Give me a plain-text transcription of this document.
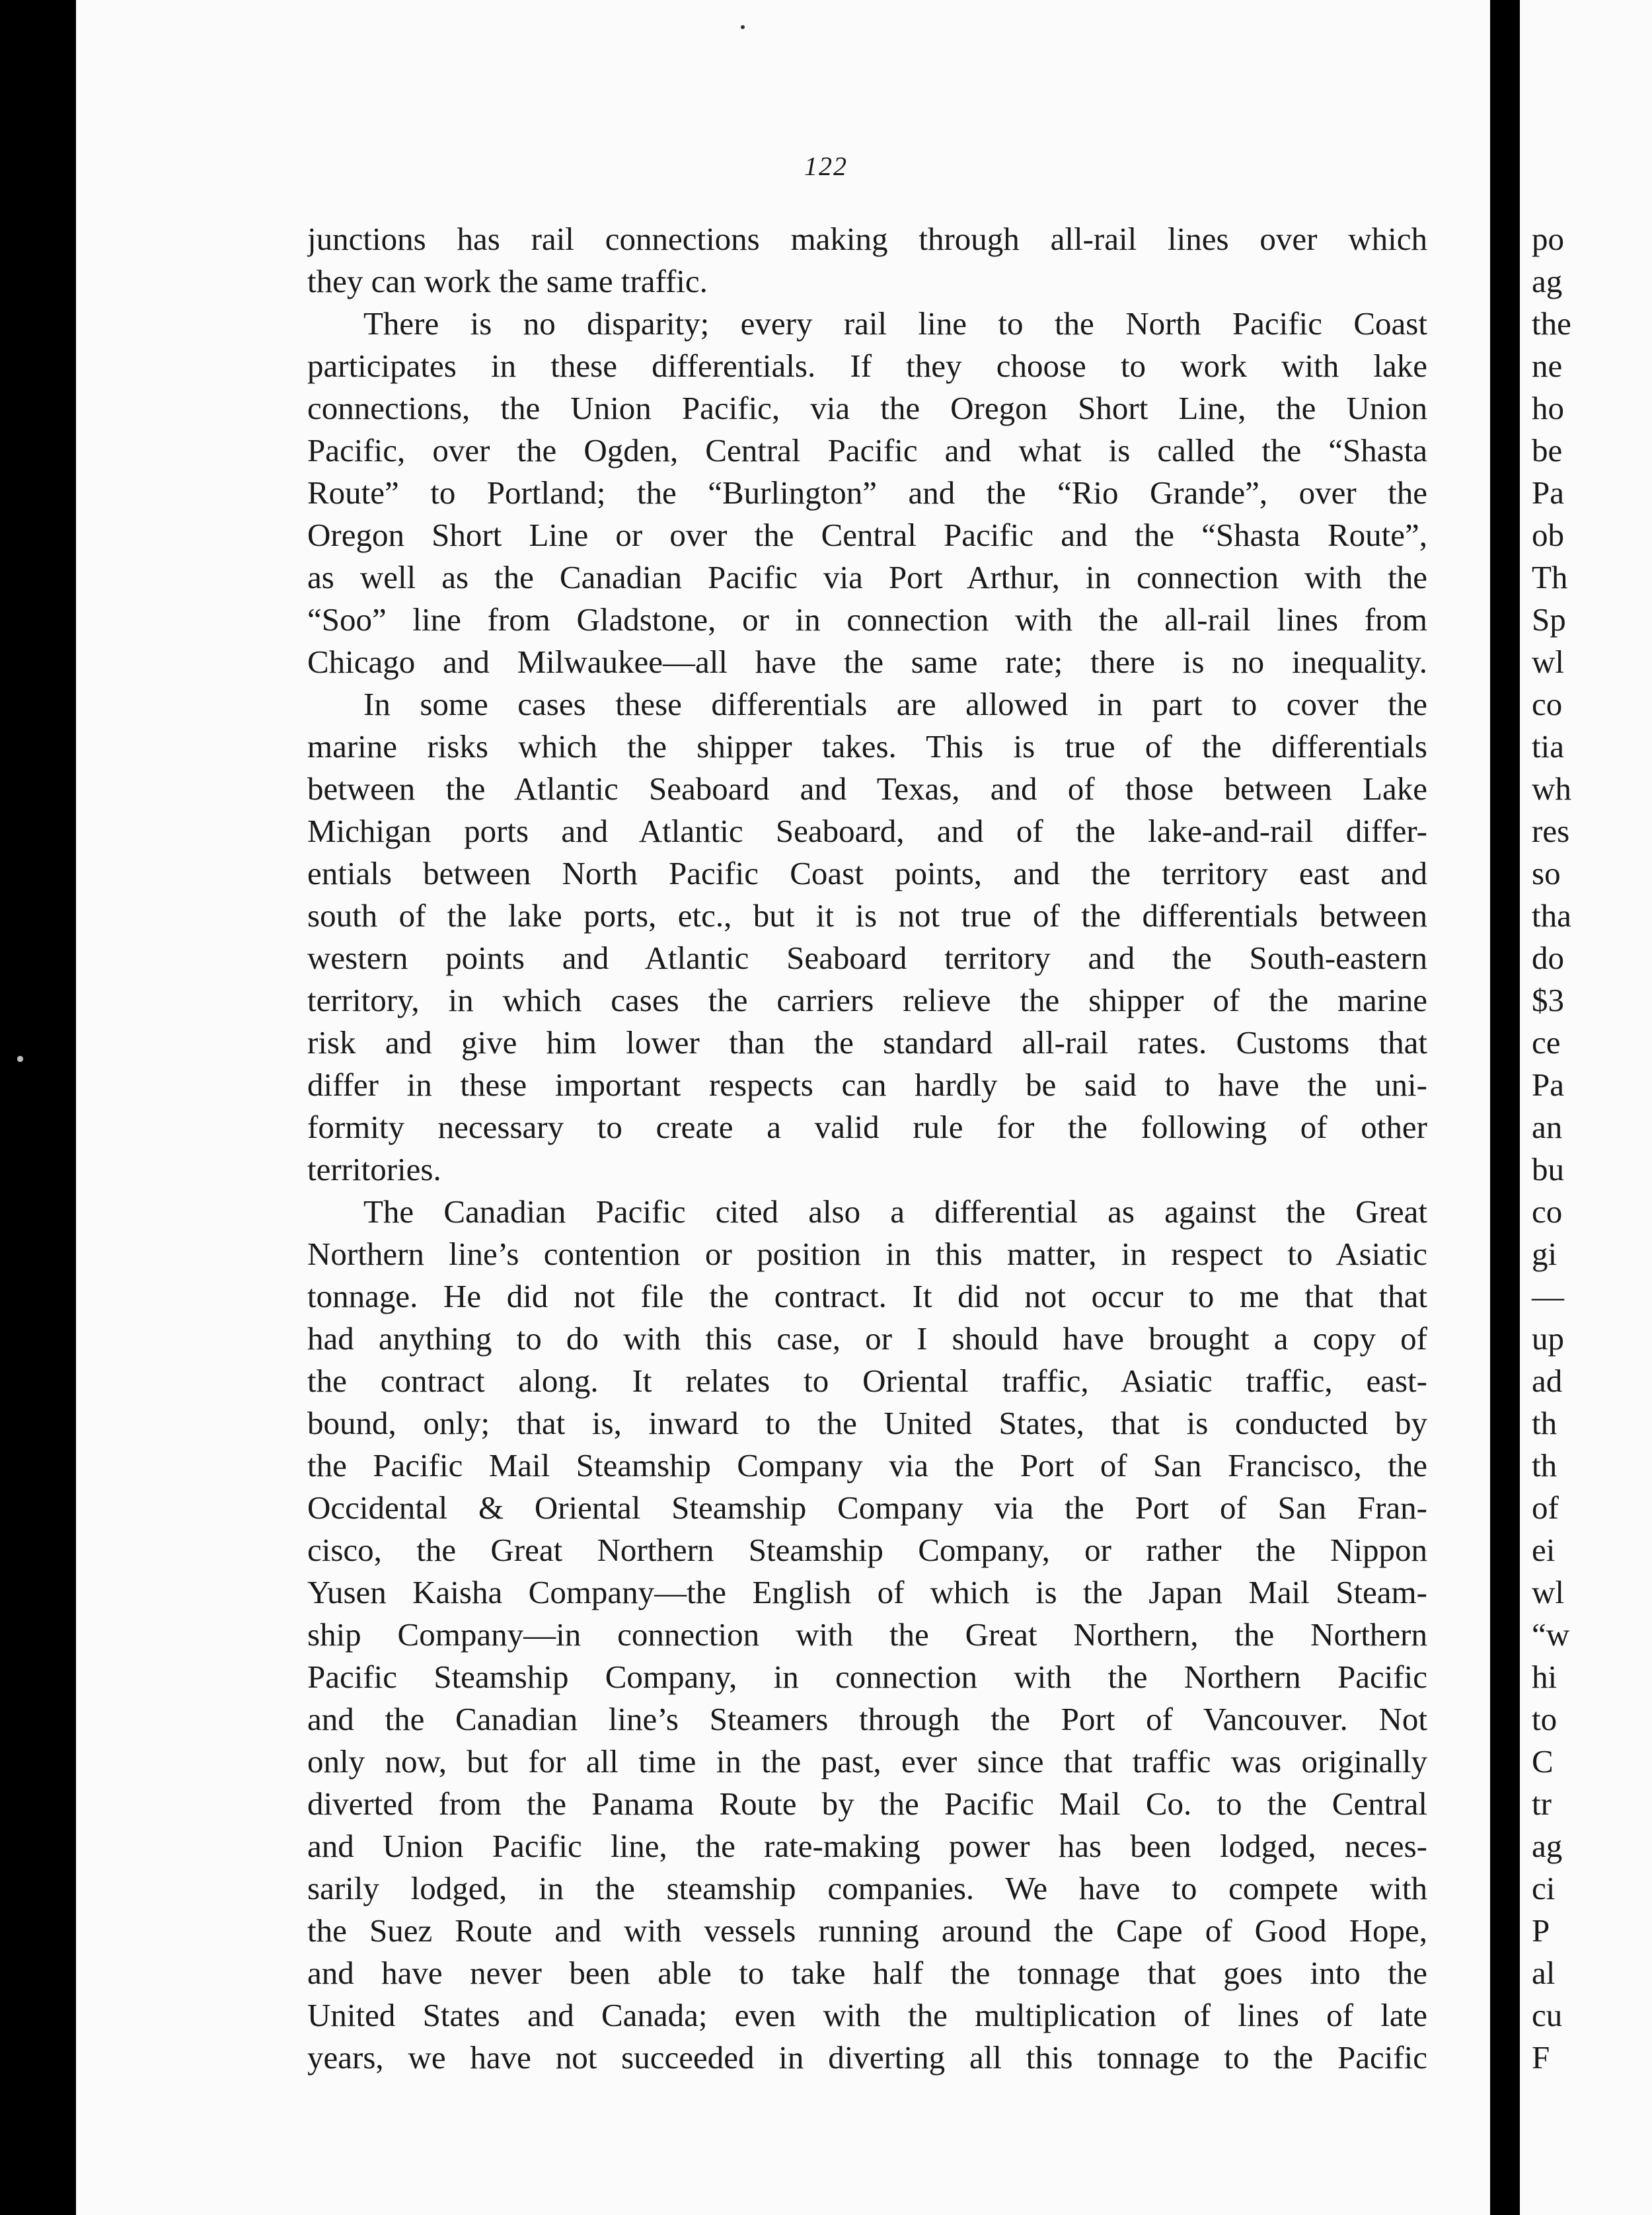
122
junctions has rail connections making through all-rail lines over which
they can work the same traffic.
There is no disparity; every rail line to the North Pacific Coast
participates in these differentials. If they choose to work with lake
connections, the Union Pacific, via the Oregon Short Line, the Union
Pacific, over the Ogden, Central Pacific and what is called the “Shasta
Route” to Portland; the “Burlington” and the “Rio Grande”, over the
Oregon Short Line or over the Central Pacific and the “Shasta Route”,
as well as the Canadian Pacific via Port Arthur, in connection with the
“Soo” line from Gladstone, or in connection with the all-rail lines from
Chicago and Milwaukee—all have the same rate; there is no inequality.
In some cases these differentials are allowed in part to cover the
marine risks which the shipper takes. This is true of the differentials
between the Atlantic Seaboard and Texas, and of those between Lake
Michigan ports and Atlantic Seaboard, and of the lake-and-rail differ-
entials between North Pacific Coast points, and the territory east and
south of the lake ports, etc., but it is not true of the differentials between
western points and Atlantic Seaboard territory and the South-eastern
territory, in which cases the carriers relieve the shipper of the marine
risk and give him lower than the standard all-rail rates. Customs that
differ in these important respects can hardly be said to have the uni-
formity necessary to create a valid rule for the following of other
territories.
The Canadian Pacific cited also a differential as against the Great
Northern line’s contention or position in this matter, in respect to Asiatic
tonnage. He did not file the contract. It did not occur to me that that
had anything to do with this case, or I should have brought a copy of
the contract along. It relates to Oriental traffic, Asiatic traffic, east-
bound, only; that is, inward to the United States, that is conducted by
the Pacific Mail Steamship Company via the Port of San Francisco, the
Occidental & Oriental Steamship Company via the Port of San Fran-
cisco, the Great Northern Steamship Company, or rather the Nippon
Yusen Kaisha Company—the English of which is the Japan Mail Steam-
ship Company—in connection with the Great Northern, the Northern
Pacific Steamship Company, in connection with the Northern Pacific
and the Canadian line’s Steamers through the Port of Vancouver. Not
only now, but for all time in the past, ever since that traffic was originally
diverted from the Panama Route by the Pacific Mail Co. to the Central
and Union Pacific line, the rate-making power has been lodged, neces-
sarily lodged, in the steamship companies. We have to compete with
the Suez Route and with vessels running around the Cape of Good Hope,
and have never been able to take half the tonnage that goes into the
United States and Canada; even with the multiplication of lines of late
years, we have not succeeded in diverting all this tonnage to the Pacific
po
ag
the
ne
ho
be
Pa
ob
Th
Sp
wl
co
tia
wh
res
so
tha
do
$3
ce
Pa
an
bu
co
gi
—
up
ad
th
th
of
ei
wl
“w
hi
to
C
tr
ag
ci
P
al
cu
F
